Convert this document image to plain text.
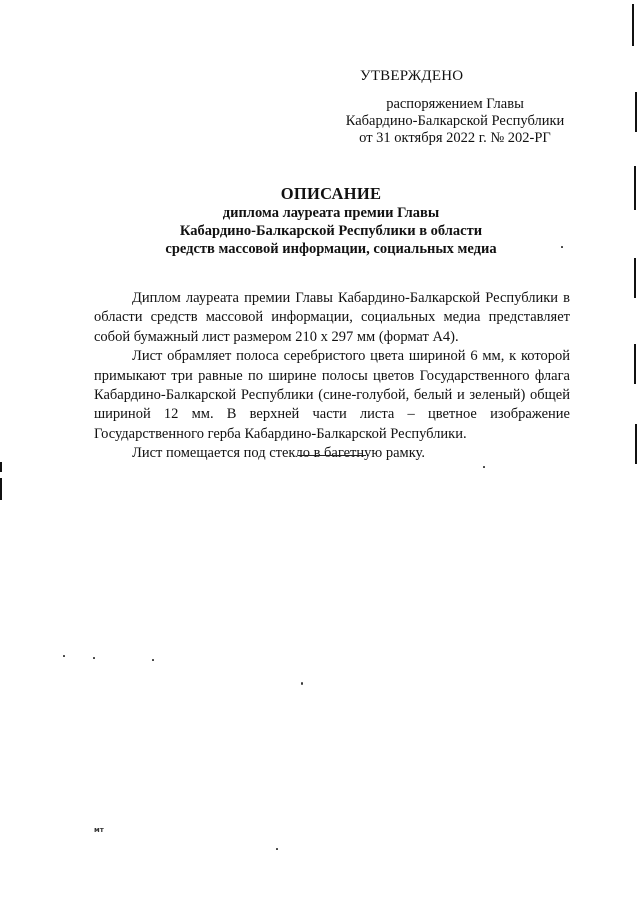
УТВЕРЖДЕНО
распоряжением Главы
Кабардино-Балкарской Республики
от 31 октября 2022 г. № 202-РГ
ОПИСАНИЕ
диплома лауреата премии Главы
Кабардино-Балкарской Республики в области
средств массовой информации, социальных медиа

Диплом лауреата премии Главы Кабардино-Балкарской Республики в области средств массовой информации, социальных медиа представляет собой бумажный лист размером 210 х 297 мм (формат А4).

Лист обрамляет полоса серебристого цвета шириной 6 мм, к которой примыкают три равные по ширине полосы цветов Государственного флага Кабардино-Балкарской Республики (сине-голубой, белый и зеленый) общей шириной 12 мм. В верхней части листа – цветное изображение Государственного герба Кабардино-Балкарской Республики.

Лист помещается под стекло в багетную рамку.

мт
